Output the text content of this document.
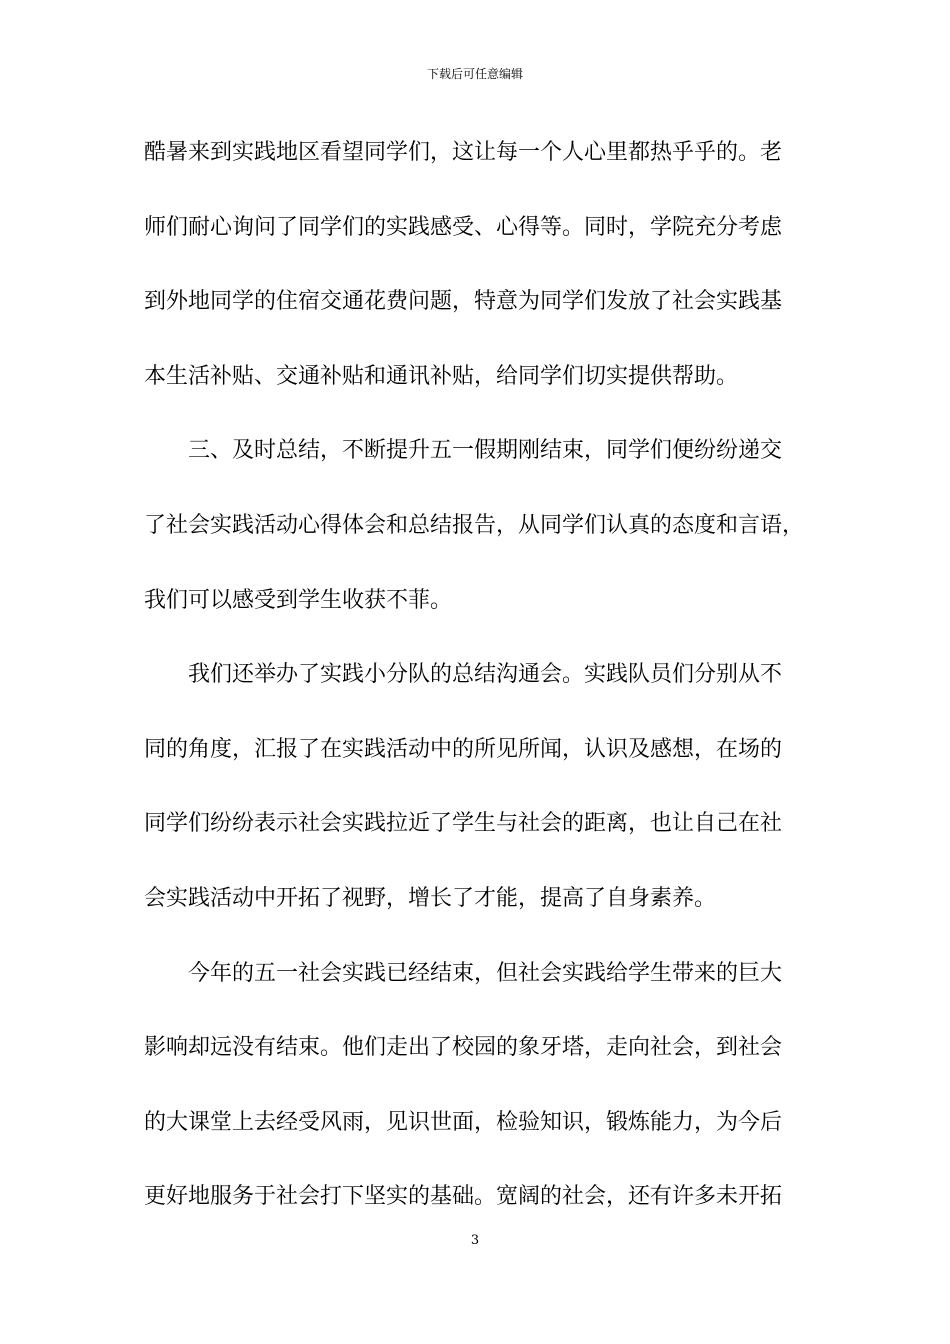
下载后可任意编辑
酷暑来到实践地区看望同学们，这让每一个人心里都热乎乎的。老
师们耐心询问了同学们的实践感受、心得等。同时，学院充分考虑
到外地同学的住宿交通花费问题，特意为同学们发放了社会实践基
本生活补贴、交通补贴和通讯补贴，给同学们切实提供帮助。
三、及时总结，不断提升五一假期刚结束，同学们便纷纷递交
了社会实践活动心得体会和总结报告，从同学们认真的态度和言语，
我们可以感受到学生收获不菲。
我们还举办了实践小分队的总结沟通会。实践队员们分别从不
同的角度，汇报了在实践活动中的所见所闻，认识及感想，在场的
同学们纷纷表示社会实践拉近了学生与社会的距离，也让自己在社
会实践活动中开拓了视野，增长了才能，提高了自身素养。
今年的五一社会实践已经结束，但社会实践给学生带来的巨大
影响却远没有结束。他们走出了校园的象牙塔，走向社会，到社会
的大课堂上去经受风雨，见识世面，检验知识，锻炼能力，为今后
更好地服务于社会打下坚实的基础。宽阔的社会，还有许多未开拓
3
